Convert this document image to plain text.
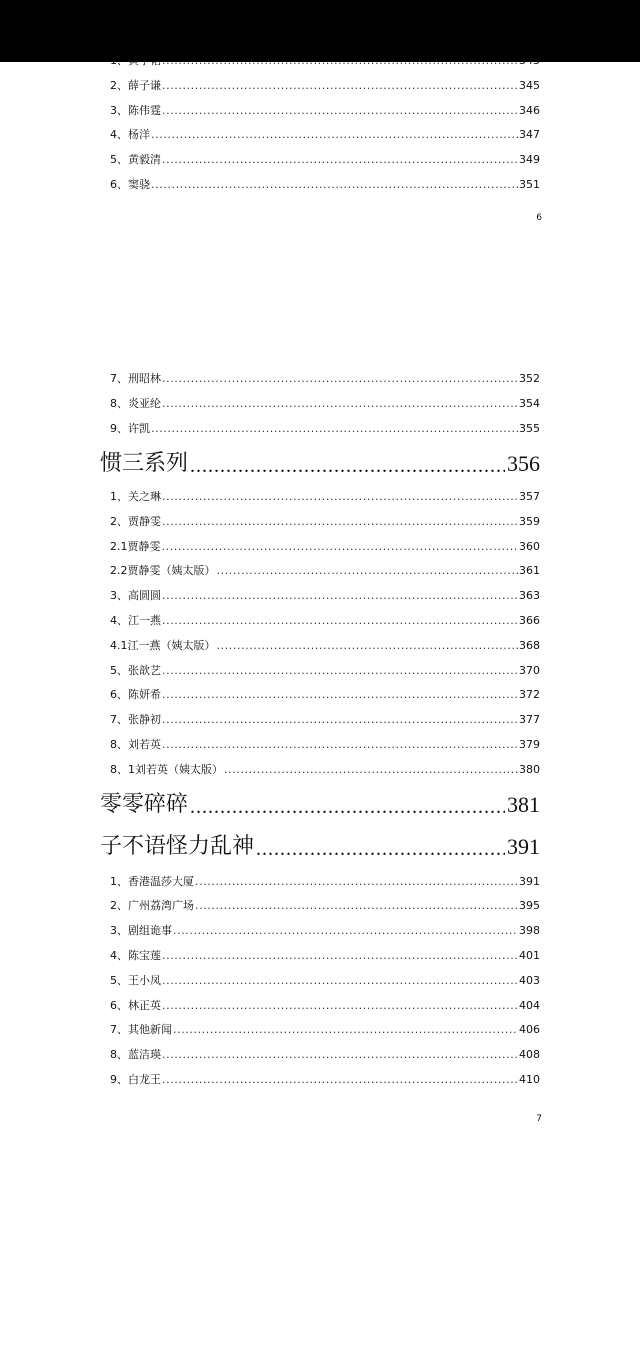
.....
2、薛子谦 .....	345
3、陈伟霆 .....	346
4、杨洋 .....	347
5、黄毅清 .....	349
6、窦骁 .....	351
6
7、刑昭林 .....	352
8、炎亚纶 .....	354
9、许凯 .....	355
惯三系列 .....	356
1、关之琳 .....	357
2、贾静雯 .....	359
2.1贾静雯 .....	360
2.2贾静雯（姨太版） .....	361
3、高圆圆 .....	363
4、江一燕 .....	366
4.1江一燕（姨太版） .....	368
5、张歆艺 .....	370
6、陈妍希 .....	372
7、张静初 .....	377
8、刘若英 .....	379
8、1刘若英（姨太版） .....	380
零零碎碎 .....	381
子不语怪力乱神 .....	391
1、香港温莎大厦 .....	391
2、广州荔湾广场 .....	395
3、剧组诡事 .....	398
4、陈宝莲 .....	401
5、王小凤 .....	403
6、林正英 .....	404
7、其他新闻 .....	406
8、蓝洁瑛 .....	408
9、白龙王 .....	410
7
